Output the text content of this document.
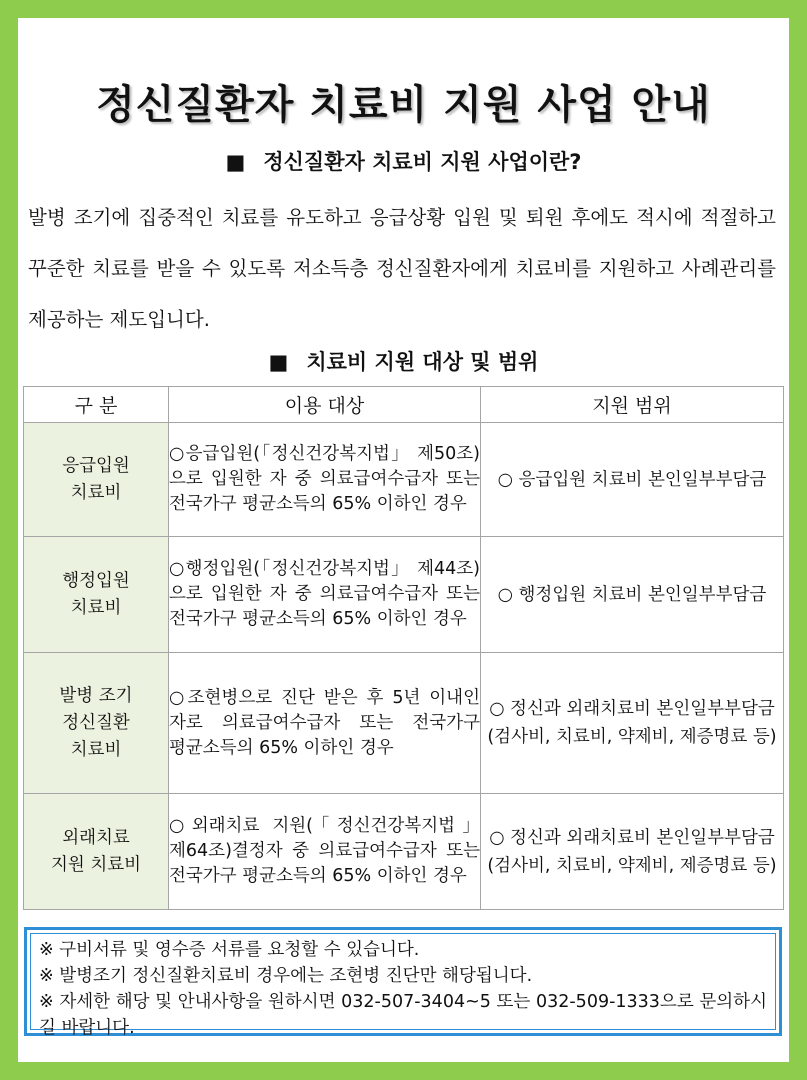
정신질환자 치료비 지원 사업 안내
■ 정신질환자 치료비 지원 사업이란?
발병 조기에 집중적인 치료를 유도하고 응급상황 입원 및 퇴원 후에도 적시에 적절하고 꾸준한 치료를 받을 수 있도록 저소득층 정신질환자에게 치료비를 지원하고 사례관리를 제공하는 제도입니다.
■ 치료비 지원 대상 및 범위
구 분	이용 대상	지원 범위
응급입원
치료비	○응급입원(「정신건강복지법」 제50조)으로 입원한 자 중 의료급여수급자 또는 전국가구 평균소득의 65% 이하인 경우	○ 응급입원 치료비 본인일부부담금
행정입원
치료비	○행정입원(「정신건강복지법」 제44조)으로 입원한 자 중 의료급여수급자 또는 전국가구 평균소득의 65% 이하인 경우	○ 행정입원 치료비 본인일부부담금
발병 조기
정신질환
치료비	○조현병으로 진단 받은 후 5년 이내인 자로 의료급여수급자 또는 전국가구 평균소득의 65% 이하인 경우	○ 정신과 외래치료비 본인일부부담금
(검사비, 치료비, 약제비, 제증명료 등)
외래치료
지원 치료비	○외래치료 지원(「정신건강복지법」제64조)결정자 중 의료급여수급자 또는 전국가구 평균소득의 65% 이하인 경우	○ 정신과 외래치료비 본인일부부담금
(검사비, 치료비, 약제비, 제증명료 등)

※ 구비서류 및 영수증 서류를 요청할 수 있습니다.

※ 발병조기 정신질환치료비 경우에는 조현병 진단만 해당됩니다.

※ 자세한 해당 및 안내사항을 원하시면 032-507-3404~5 또는 032-509-1333으로 문의하시길 바랍니다.
